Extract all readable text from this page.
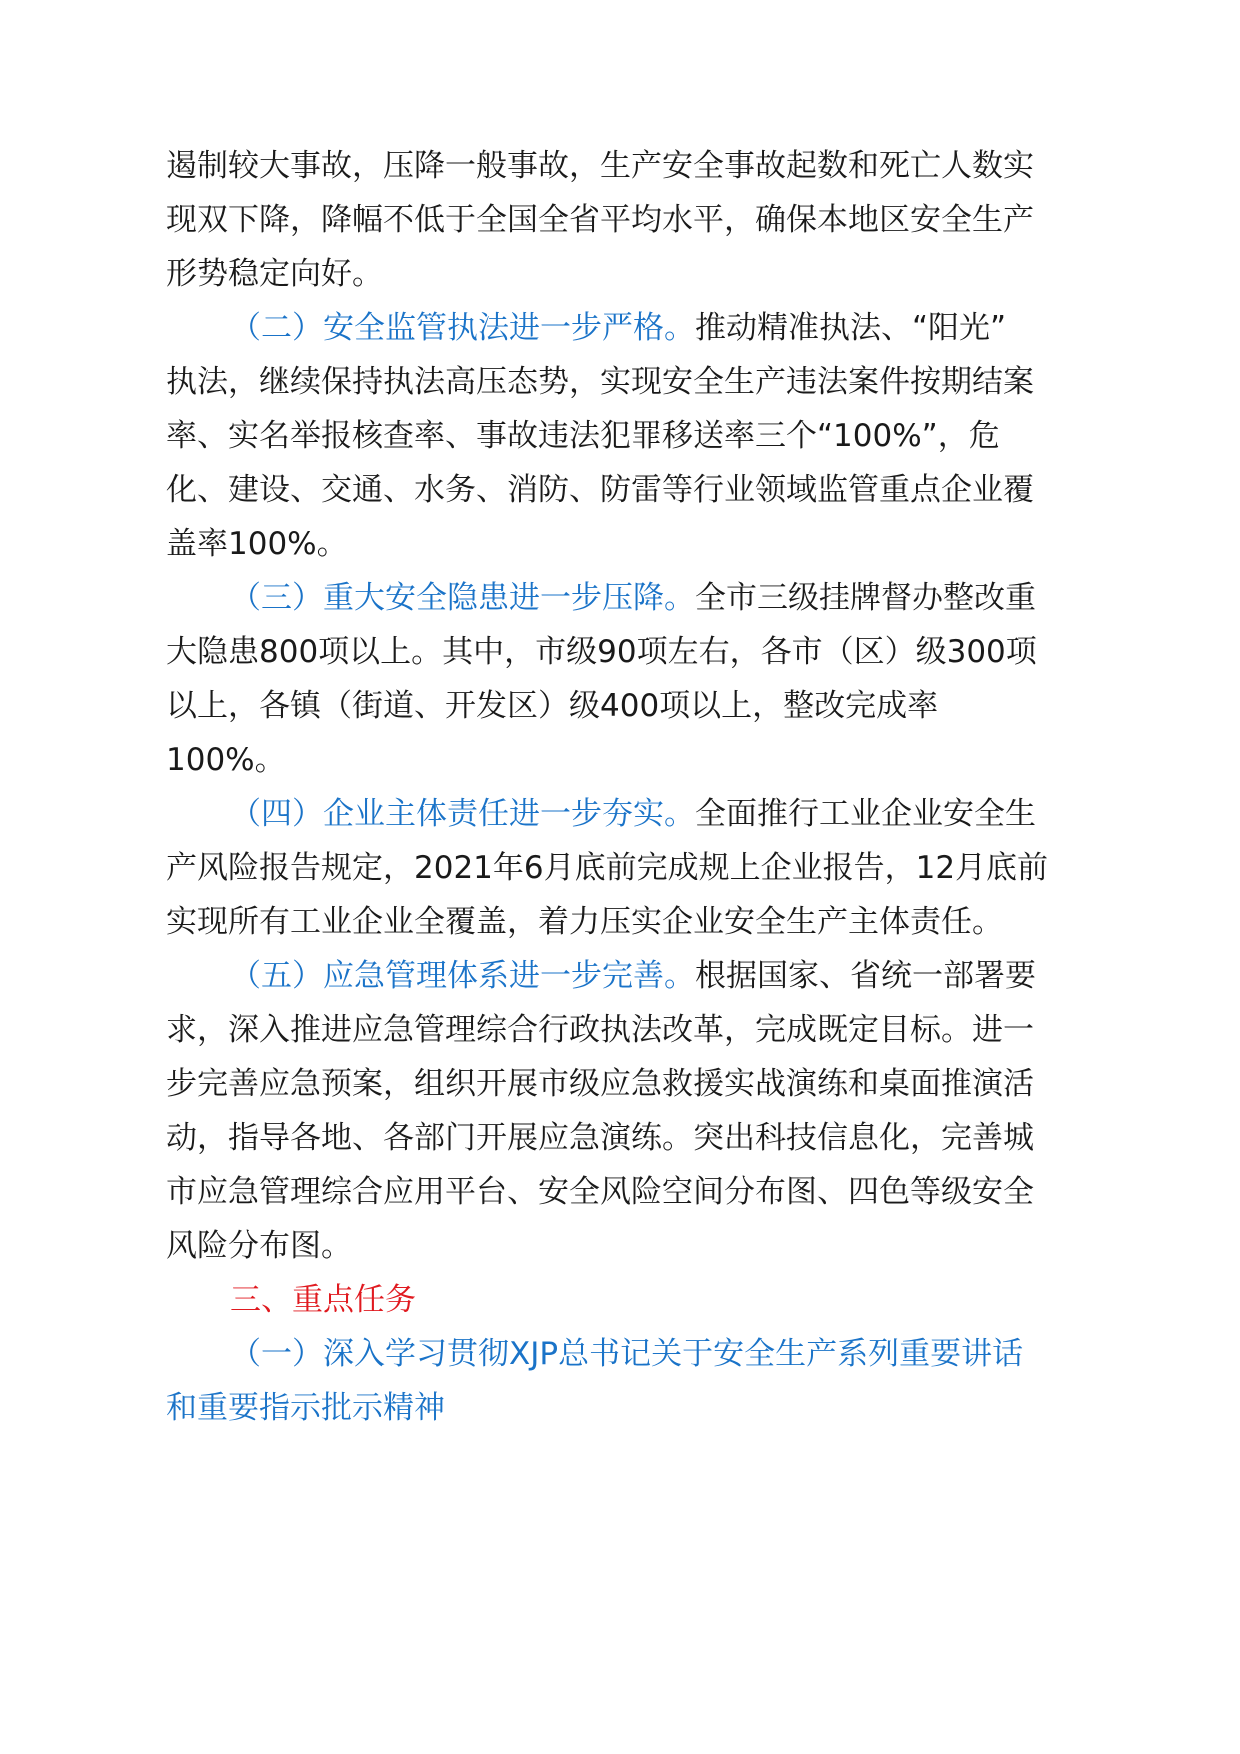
遏制较大事故，压降一般事故，生产安全事故起数和死亡人数实
现双下降，降幅不低于全国全省平均水平，确保本地区安全生产
形势稳定向好。
（二）安全监管执法进一步严格。推动精准执法、“阳光”
执法，继续保持执法高压态势，实现安全生产违法案件按期结案
率、实名举报核查率、事故违法犯罪移送率三个“100%”，危
化、建设、交通、水务、消防、防雷等行业领域监管重点企业覆
盖率100%。
（三）重大安全隐患进一步压降。全市三级挂牌督办整改重
大隐患800项以上。其中，市级90项左右，各市（区）级300项
以上，各镇（街道、开发区）级400项以上，整改完成率
100%。
（四）企业主体责任进一步夯实。全面推行工业企业安全生
产风险报告规定，2021年6月底前完成规上企业报告，12月底前
实现所有工业企业全覆盖，着力压实企业安全生产主体责任。
（五）应急管理体系进一步完善。根据国家、省统一部署要
求，深入推进应急管理综合行政执法改革，完成既定目标。进一
步完善应急预案，组织开展市级应急救援实战演练和桌面推演活
动，指导各地、各部门开展应急演练。突出科技信息化，完善城
市应急管理综合应用平台、安全风险空间分布图、四色等级安全
风险分布图。
三、重点任务
（一）深入学习贯彻XJP总书记关于安全生产系列重要讲话
和重要指示批示精神
